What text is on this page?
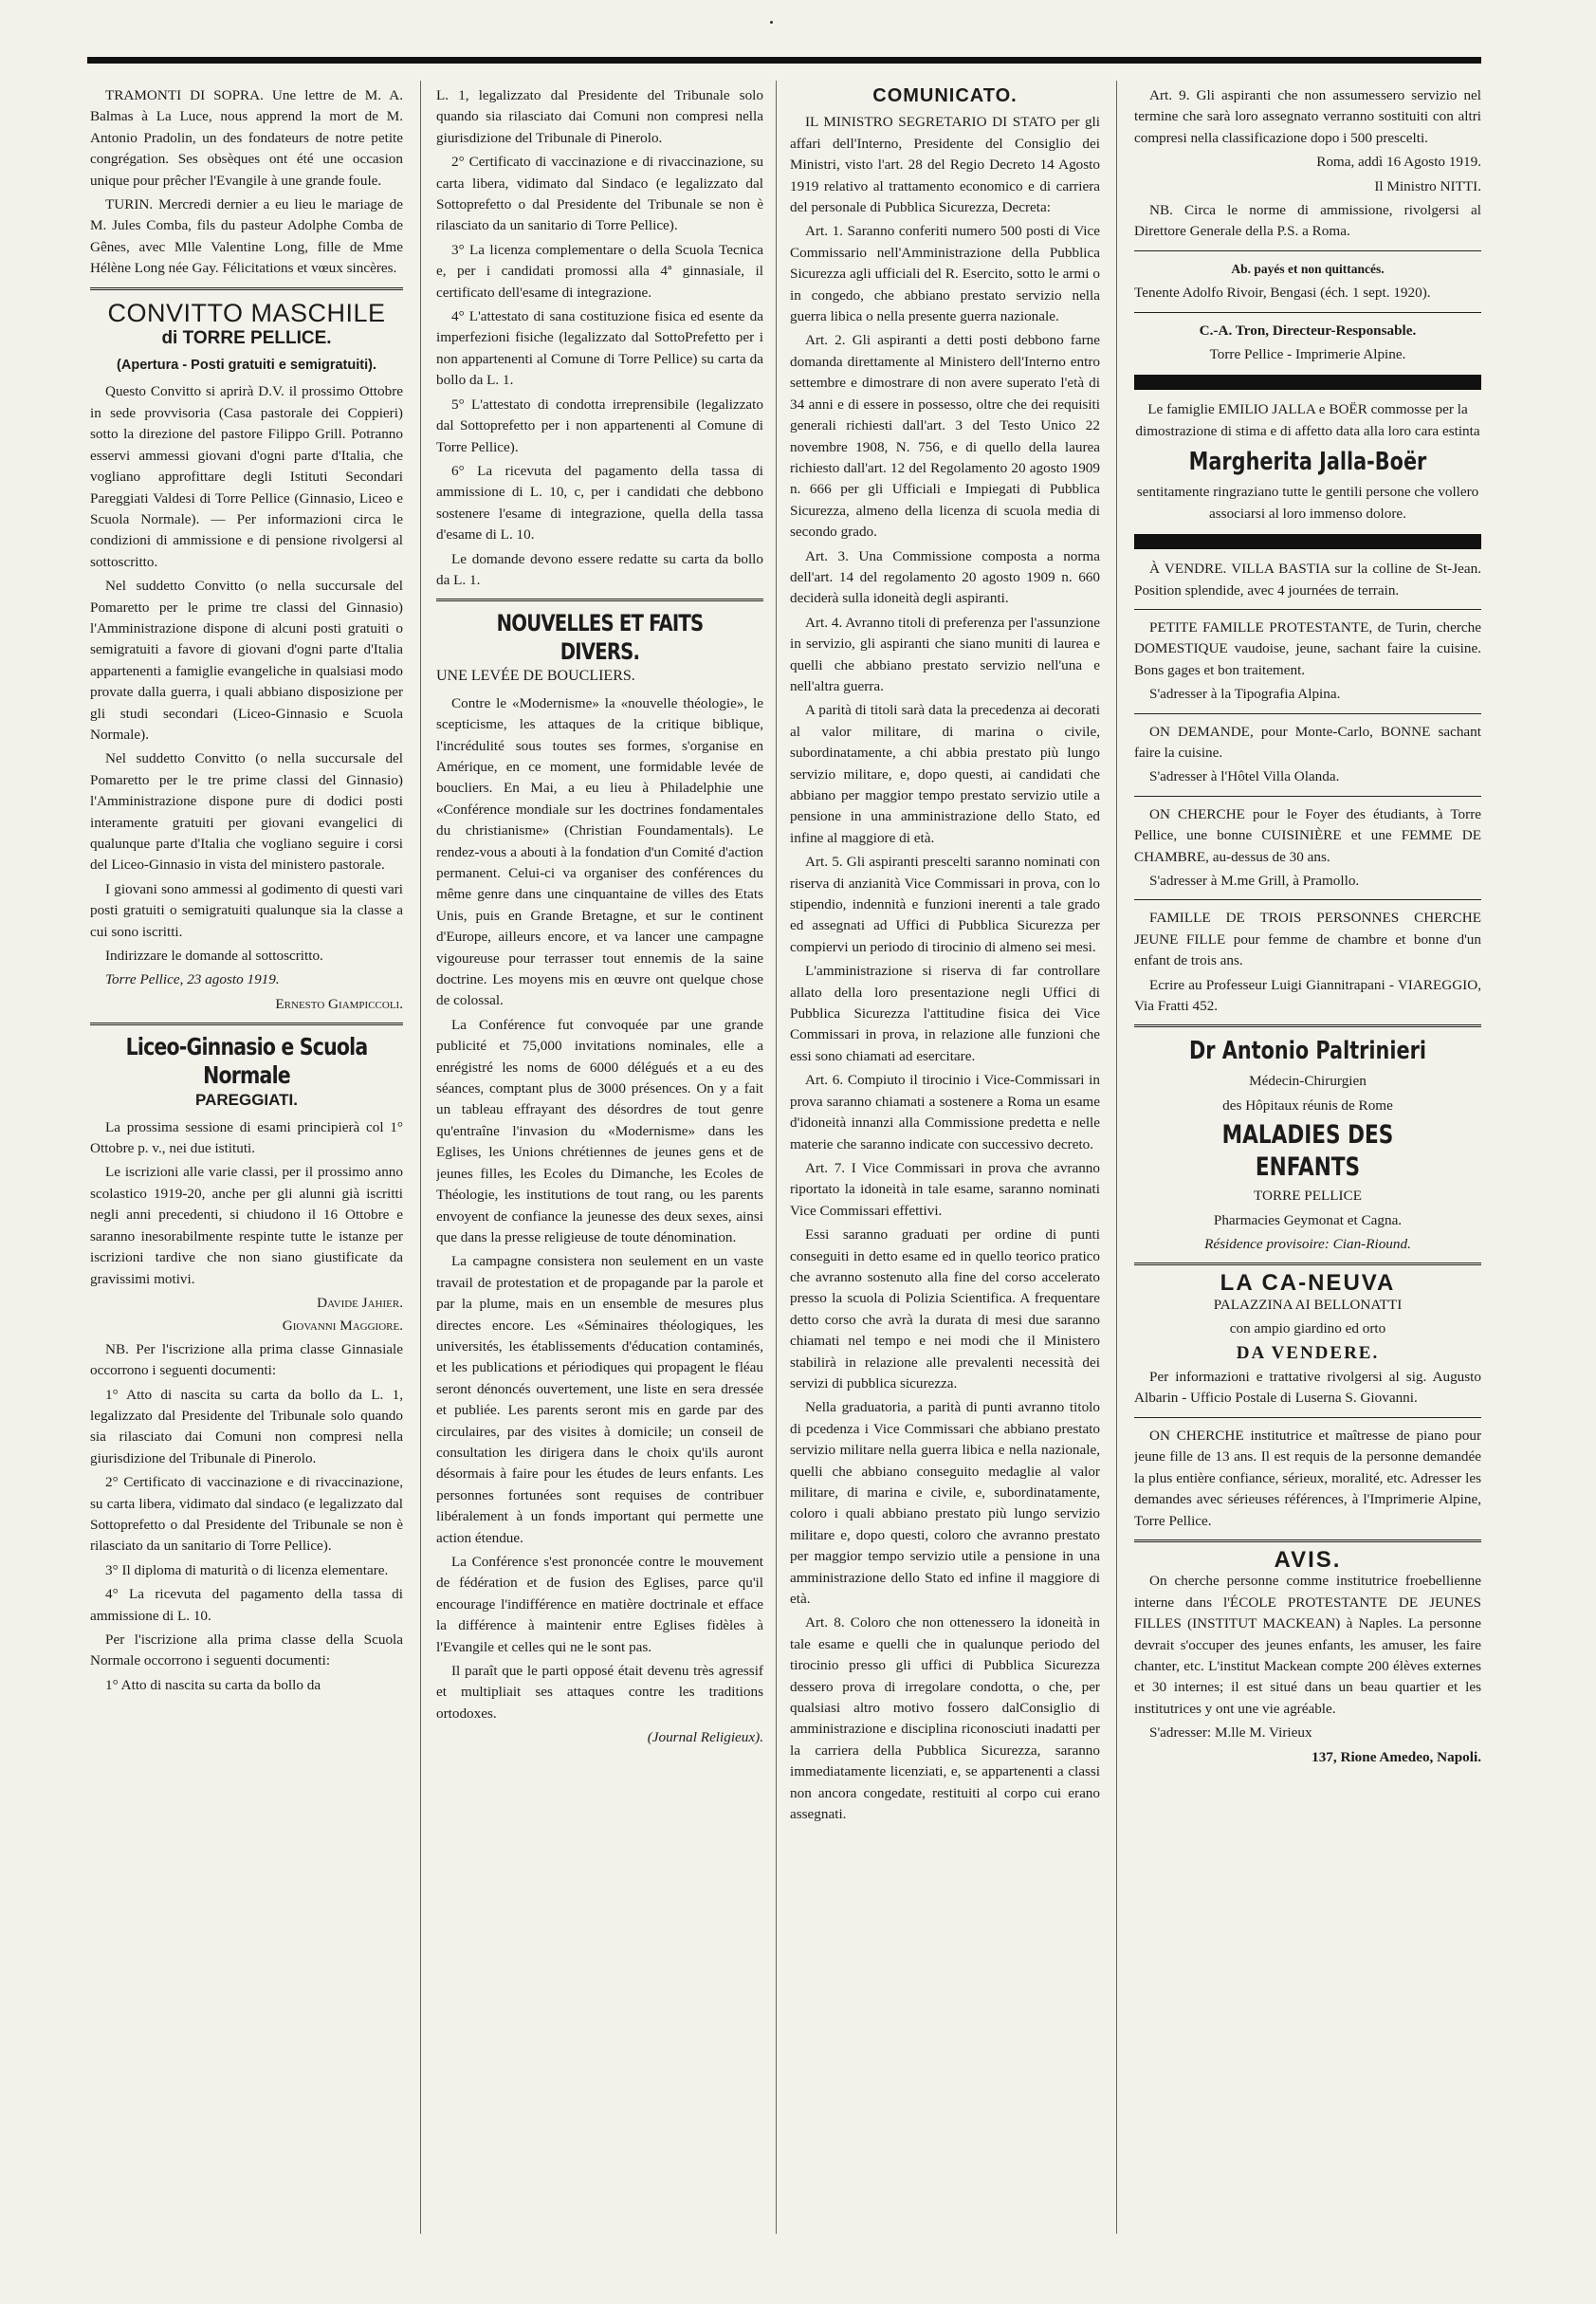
TRAMONTI DI SOPRA. Une lettre de M. A. Balmas à La Luce, nous apprend la mort de M. Antonio Pradolin, un des fondateurs de notre petite congrégation. Ses obsèques ont été une occasion unique pour prêcher l'Evangile à une grande foule.

TURIN. Mercredi dernier a eu lieu le mariage de M. Jules Comba, fils du pasteur Adolphe Comba de Gênes, avec Mlle Valentine Long, fille de Mme Hélène Long née Gay. Félicitations et vœux sincères.

CONVITTO MASCHILE
di TORRE PELLICE.
(Apertura - Posti gratuiti e semigratuiti).

Questo Convitto si aprirà D.V. il prossimo Ottobre in sede provvisoria (Casa pastorale dei Coppieri) sotto la direzione del pastore Filippo Grill. Potranno esservi ammessi giovani d'ogni parte d'Italia, che vogliano approfittare degli Istituti Secondari Pareggiati Valdesi di Torre Pellice (Ginnasio, Liceo e Scuola Normale). — Per informazioni circa le condizioni di ammissione e di pensione rivolgersi al sottoscritto.

Nel suddetto Convitto (o nella succursale del Pomaretto per le prime tre classi del Ginnasio) l'Amministrazione dispone di alcuni posti gratuiti o semigratuiti a favore di giovani d'ogni parte d'Italia appartenenti a famiglie evangeliche in qualsiasi modo provate dalla guerra, i quali abbiano disposizione per gli studi secondari (Liceo-Ginnasio e Scuola Normale).

Nel suddetto Convitto (o nella succursale del Pomaretto per le tre prime classi del Ginnasio) l'Amministrazione dispone pure di dodici posti interamente gratuiti per giovani evangelici di qualunque parte d'Italia che vogliano seguire i corsi del Liceo-Ginnasio in vista del ministero pastorale.

I giovani sono ammessi al godimento di questi vari posti gratuiti o semigratuiti qualunque sia la classe a cui sono iscritti.

Indirizzare le domande al sottoscritto.

Torre Pellice, 23 agosto 1919.

Ernesto Giampiccoli.

Liceo-Ginnasio e Scuola Normale
PAREGGIATI.

La prossima sessione di esami principierà col 1° Ottobre p. v., nei due istituti.

Le iscrizioni alle varie classi, per il prossimo anno scolastico 1919-20, anche per gli alunni già iscritti negli anni precedenti, si chiudono il 16 Ottobre e saranno inesorabilmente respinte tutte le istanze per iscrizioni tardive che non siano giustificate da gravissimi motivi.

Davide Jahier.

Giovanni Maggiore.

NB. Per l'iscrizione alla prima classe Ginnasiale occorrono i seguenti documenti:

1° Atto di nascita su carta da bollo da L. 1, legalizzato dal Presidente del Tribunale solo quando sia rilasciato dai Comuni non compresi nella giurisdizione del Tribunale di Pinerolo.

2° Certificato di vaccinazione e di rivaccinazione, su carta libera, vidimato dal sindaco (e legalizzato dal Sottoprefetto o dal Presidente del Tribunale se non è rilasciato da un sanitario di Torre Pellice).

3° Il diploma di maturità o di licenza elementare.

4° La ricevuta del pagamento della tassa di ammissione di L. 10.

Per l'iscrizione alla prima classe della Scuola Normale occorrono i seguenti documenti:

1° Atto di nascita su carta da bollo da

L. 1, legalizzato dal Presidente del Tribunale solo quando sia rilasciato dai Comuni non compresi nella giurisdizione del Tribunale di Pinerolo.

2° Certificato di vaccinazione e di rivaccinazione, su carta libera, vidimato dal Sindaco (e legalizzato dal Sottoprefetto o dal Presidente del Tribunale se non è rilasciato da un sanitario di Torre Pellice).

3° La licenza complementare o della Scuola Tecnica e, per i candidati promossi alla 4ª ginnasiale, il certificato dell'esame di integrazione.

4° L'attestato di sana costituzione fisica ed esente da imperfezioni fisiche (legalizzato dal SottoPrefetto per i non appartenenti al Comune di Torre Pellice) su carta da bollo da L. 1.

5° L'attestato di condotta irreprensibile (legalizzato dal Sottoprefetto per i non appartenenti al Comune di Torre Pellice).

6° La ricevuta del pagamento della tassa di ammissione di L. 10, c, per i candidati che debbono sostenere l'esame di integrazione, quella della tassa d'esame di L. 10.

Le domande devono essere redatte su carta da bollo da L. 1.

NOUVELLES ET FAITS DIVERS.

UNE LEVÉE DE BOUCLIERS.

Contre le «Modernisme» la «nouvelle théologie», le scepticisme, les attaques de la critique biblique, l'incrédulité sous toutes ses formes, s'organise en Amérique, en ce moment, une formidable levée de boucliers. En Mai, a eu lieu à Philadelphie une «Conférence mondiale sur les doctrines fondamentales du christianisme» (Christian Foundamentals). Le rendez-vous a abouti à la fondation d'un Comité d'action permanent. Celui-ci va organiser des conférences du même genre dans une cinquantaine de villes des Etats Unis, puis en Grande Bretagne, et sur le continent d'Europe, ailleurs encore, et va lancer une campagne vigoureuse pour terrasser tout ennemis de la saine doctrine. Les moyens mis en œuvre ont quelque chose de colossal.

La Conférence fut convoquée par une grande publicité et 75,000 invitations nominales, elle a enrégistré les noms de 6000 délégués et a eu des séances, comptant plus de 3000 présences. On y a fait un tableau effrayant des désordres de tout genre qu'entraîne l'invasion du «Modernisme» dans les Eglises, les Unions chrétiennes de jeunes gens et de jeunes filles, les Ecoles du Dimanche, les Ecoles de Théologie, les institutions de tout rang, ou les parents envoyent de confiance la jeunesse des deux sexes, ainsi que dans la presse religieuse de toute dénomination.

La campagne consistera non seulement en un vaste travail de protestation et de propagande par la parole et par la plume, mais en un ensemble de mesures plus directes encore. Les «Séminaires théologiques, les universités, les établissements d'éducation contaminés, et les publications et périodiques qui propagent le fléau seront dénoncés ouvertement, une liste en sera dressée et publiée. Les parents seront mis en garde par des circulaires, par des visites à domicile; un conseil de consultation les dirigera dans le choix qu'ils auront désormais à faire pour les études de leurs enfants. Les personnes fortunées sont requises de contribuer libéralement à un fonds important qui permette une action étendue.

La Conférence s'est prononcée contre le mouvement de fédération et de fusion des Eglises, parce qu'il encourage l'indifférence en matière doctrinale et efface la différence à maintenir entre Eglises fidèles à l'Evangile et celles qui ne le sont pas.

Il paraît que le parti opposé était devenu très agressif et multipliait ses attaques contre les traditions ortodoxes.

(Journal Religieux).

COMUNICATO.

IL MINISTRO SEGRETARIO DI STATO per gli affari dell'Interno, Presidente del Consiglio dei Ministri, visto l'art. 28 del Regio Decreto 14 Agosto 1919 relativo al trattamento economico e di carriera del personale di Pubblica Sicurezza, Decreta:

Art. 1. Saranno conferiti numero 500 posti di Vice Commissario nell'Amministrazione della Pubblica Sicurezza agli ufficiali del R. Esercito, sotto le armi o in congedo, che abbiano prestato servizio nella guerra libica o nella presente guerra nazionale.

Art. 2. Gli aspiranti a detti posti debbono farne domanda direttamente al Ministero dell'Interno entro settembre e dimostrare di non avere superato l'età di 34 anni e di essere in possesso, oltre che dei requisiti generali richiesti dall'art. 3 del Testo Unico 22 novembre 1908, N. 756, e di quello della laurea richiesto dall'art. 12 del Regolamento 20 agosto 1909 n. 666 per gli Ufficiali e Impiegati di Pubblica Sicurezza, almeno della licenza di scuola media di secondo grado.

Art. 3. Una Commissione composta a norma dell'art. 14 del regolamento 20 agosto 1909 n. 660 deciderà sulla idoneità degli aspiranti.

Art. 4. Avranno titoli di preferenza per l'assunzione in servizio, gli aspiranti che siano muniti di laurea e quelli che abbiano prestato servizio nell'una e nell'altra guerra.

A parità di titoli sarà data la precedenza ai decorati al valor militare, di marina o civile, subordinatamente, a chi abbia prestato più lungo servizio militare, e, dopo questi, ai candidati che abbiano per maggior tempo prestato servizio utile a pensione in una amministrazione dello Stato, ed infine al maggiore di età.

Art. 5. Gli aspiranti prescelti saranno nominati con riserva di anzianità Vice Commissari in prova, con lo stipendio, indennità e funzioni inerenti a tale grado ed assegnati ad Uffici di Pubblica Sicurezza per compiervi un periodo di tirocinio di almeno sei mesi.

L'amministrazione si riserva di far controllare allato della loro presentazione negli Uffici di Pubblica Sicurezza l'attitudine fisica dei Vice Commissari in prova, in relazione alle funzioni che essi sono chiamati ad esercitare.

Art. 6. Compiuto il tirocinio i Vice-Commissari in prova saranno chiamati a sostenere a Roma un esame d'idoneità innanzi alla Commissione predetta e nelle materie che saranno indicate con successivo decreto.

Art. 7. I Vice Commissari in prova che avranno riportato la idoneità in tale esame, saranno nominati Vice Commissari effettivi.

Essi saranno graduati per ordine di punti conseguiti in detto esame ed in quello teorico pratico che avranno sostenuto alla fine del corso accelerato presso la scuola di Polizia Scientifica. A frequentare detto corso che avrà la durata di mesi due saranno chiamati nel tempo e nei modi che il Ministero stabilirà in relazione alle prevalenti necessità dei servizi di pubblica sicurezza.

Nella graduatoria, a parità di punti avranno titolo di pcedenza i Vice Commissari che abbiano prestato servizio militare nella guerra libica e nella nazionale, quelli che abbiano conseguito medaglie al valor militare, di marina e civile, e, subordinatamente, coloro i quali abbiano prestato più lungo servizio militare e, dopo questi, coloro che avranno prestato per maggior tempo servizio utile a pensione in una amministrazione dello Stato ed infine il maggiore di età.

Art. 8. Coloro che non ottenessero la idoneità in tale esame e quelli che in qualunque periodo del tirocinio presso gli uffici di Pubblica Sicurezza dessero prova di irregolare condotta, o che, per qualsiasi altro motivo fossero dalConsiglio di amministrazione e disciplina riconosciuti inadatti per la carriera della Pubblica Sicurezza, saranno immediatamente licenziati, e, se appartenenti a classi non ancora congedate, restituiti al corpo cui erano assegnati.

Art. 9. Gli aspiranti che non assumessero servizio nel termine che sarà loro assegnato verranno sostituiti con altri compresi nella classificazione dopo i 500 prescelti.

Roma, addì 16 Agosto 1919.

Il Ministro NITTI.

NB. Circa le norme di ammissione, rivolgersi al Direttore Generale della P.S. a Roma.

Ab. payés et non quittancés.

Tenente Adolfo Rivoir, Bengasi (éch. 1 sept. 1920).

C.-A. Tron, Directeur-Responsable.

Torre Pellice - Imprimerie Alpine.

Le famiglie EMILIO JALLA e BOËR commosse per la dimostrazione di stima e di affetto data alla loro cara estinta

Margherita Jalla-Boër

sentitamente ringraziano tutte le gentili persone che vollero associarsi al loro immenso dolore.

À VENDRE. VILLA BASTIA sur la colline de St-Jean. Position splendide, avec 4 journées de terrain.

PETITE FAMILLE PROTESTANTE, de Turin, cherche DOMESTIQUE vaudoise, jeune, sachant faire la cuisine. Bons gages et bon traitement.

S'adresser à la Tipografia Alpina.

ON DEMANDE, pour Monte-Carlo, BONNE sachant faire la cuisine.

S'adresser à l'Hôtel Villa Olanda.

ON CHERCHE pour le Foyer des étudiants, à Torre Pellice, une bonne CUISINIÈRE et une FEMME DE CHAMBRE, au-dessus de 30 ans.

S'adresser à M.me Grill, à Pramollo.

FAMILLE DE TROIS PERSONNES CHERCHE JEUNE FILLE pour femme de chambre et bonne d'un enfant de trois ans.

Ecrire au Professeur Luigi Giannitrapani - VIAREGGIO, Via Fratti 452.

Dr Antonio Paltrinieri

Médecin-Chirurgien

des Hôpitaux réunis de Rome

MALADIES DES ENFANTS

TORRE PELLICE

Pharmacies Geymonat et Cagna.

Résidence provisoire: Cian-Riound.

LA CA-NEUVA

PALAZZINA AI BELLONATTI

con ampio giardino ed orto

DA VENDERE.

Per informazioni e trattative rivolgersi al sig. Augusto Albarin - Ufficio Postale di Luserna S. Giovanni.

ON CHERCHE institutrice et maîtresse de piano pour jeune fille de 13 ans. Il est requis de la personne demandée la plus entière confiance, sérieux, moralité, etc. Adresser les demandes avec sérieuses références, à l'Imprimerie Alpine, Torre Pellice.

AVIS.

On cherche personne comme institutrice froebellienne interne dans l'ÉCOLE PROTESTANTE DE JEUNES FILLES (INSTITUT MACKEAN) à Naples. La personne devrait s'occuper des jeunes enfants, les amuser, les faire chanter, etc. L'institut Mackean compte 200 élèves externes et 30 internes; il est situé dans un beau quartier et les institutrices y ont une vie agréable.

S'adresser: M.lle M. Virieux

137, Rione Amedeo, Napoli.
